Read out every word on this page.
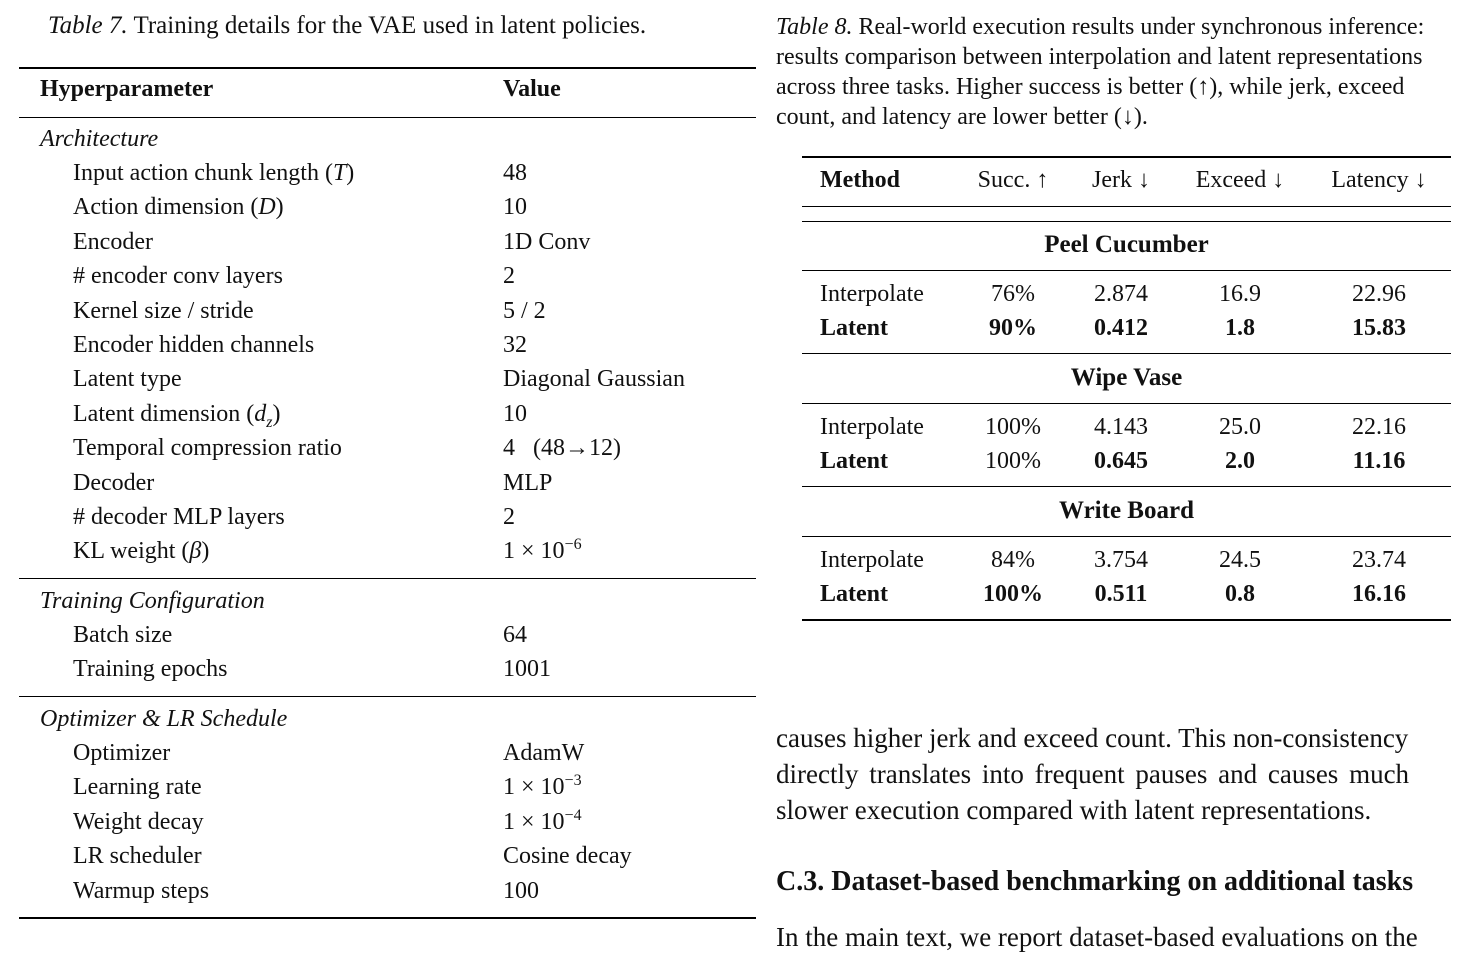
Table 7. Training details for the VAE used in latent policies.
Hyperparameter	Value
Architecture
Input action chunk length (T)	48
Action dimension (D)	10
Encoder	1D Conv
# encoder conv layers	2
Kernel size / stride	5 / 2
Encoder hidden channels	32
Latent type	Diagonal Gaussian
Latent dimension $(d_z)$	10
Temporal compression ratio	4   (48→12)
Decoder	MLP
# decoder MLP layers	2
KL weight (β)	$1 \times 10^{-6}$
Training Configuration
Batch size	64
Training epochs	1001
Optimizer & LR Schedule
Optimizer	AdamW
Learning rate	$1 \times 10^{-3}$
Weight decay	$1 \times 10^{-4}$
LR scheduler	Cosine decay
Warmup steps	100
Table 8. Real-world execution results under synchronous inference:
results comparison between interpolation and latent representations
across three tasks. Higher success is better (↑), while jerk, exceed
count, and latency are lower better (↓).
Method	Succ. ↑	Jerk ↓	Exceed ↓	Latency ↓
Peel Cucumber
Interpolate	76%	2.874	16.9	22.96
Latent	90%	0.412	1.8	15.83
Wipe Vase
Interpolate	100%	4.143	25.0	22.16
Latent	100%	0.645	2.0	11.16
Write Board
Interpolate	84%	3.754	24.5	23.74
Latent	100%	0.511	0.8	16.16
causes higher jerk and exceed count. This non-consistency
directly translates into frequent pauses and causes much
slower execution compared with latent representations.
C.3. Dataset-based benchmarking on additional tasks
In the main text, we report dataset-based evaluations on the
